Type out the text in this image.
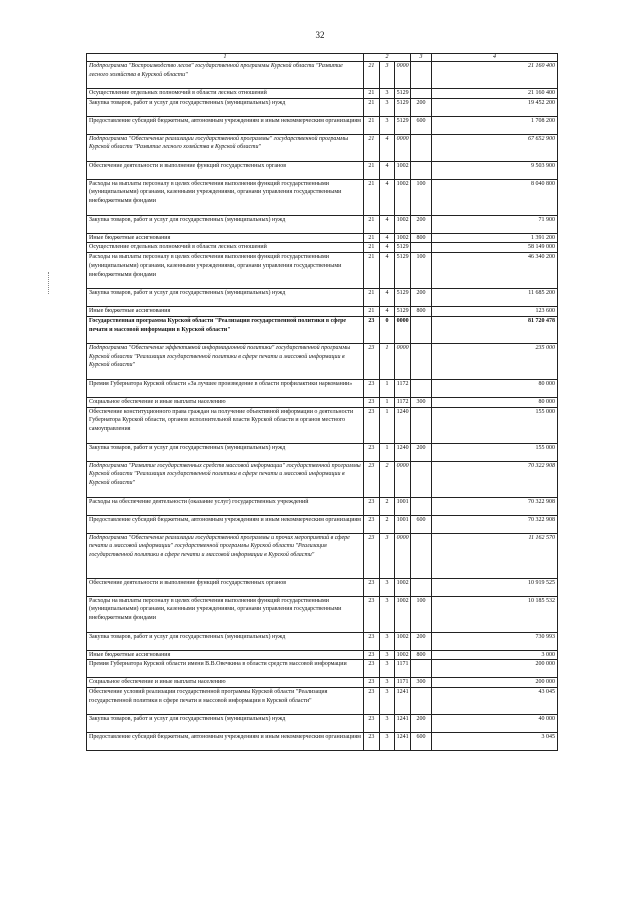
32
1	2			3	4
Подпрограмма "Воспроизводство лесов" государственной программы Курской области "Развитие лесного хозяйства в Курской области"	21	3	0000		21 160 400
Осуществление отдельных полномочий в области лесных отношений	21	3	5129		21 160 400
Закупка товаров, работ и услуг для государственных (муниципальных) нужд	21	3	5129	200	19 452 200
Предоставление субсидий бюджетным, автономным учреждениям и иным некоммерческим организациям	21	3	5129	600	1 708 200
Подпрограмма "Обеспечение реализации государственной программы" государственной программы Курской области "Развитие лесного хозяйства в Курской области"	21	4	0000		67 652 900
Обеспечение деятельности и выполнение функций государственных органов	21	4	1002		9 503 900
Расходы на выплаты персоналу в целях обеспечения выполнения функций государственными (муниципальными) органами, казенными учреждениями, органами управления государственными внебюджетными фондами	21	4	1002	100	8 040 800
Закупка товаров, работ и услуг для государственных (муниципальных) нужд	21	4	1002	200	71 900
Иные бюджетные ассигнования	21	4	1002	800	1 391 200
Осуществление отдельных полномочий в области лесных отношений	21	4	5129		58 149 000
Расходы на выплаты персоналу в целях обеспечения выполнения функций государственными (муниципальными) органами, казенными учреждениями, органами управления государственными внебюджетными фондами	21	4	5129	100	46 340 200
Закупка товаров, работ и услуг для государственных (муниципальных) нужд	21	4	5129	200	11 685 200
Иные бюджетные ассигнования	21	4	5129	800	123 600
Государственная программа Курской области "Реализация государственной политики в сфере печати и массовой информации в Курской области"	23	0	0000		81 720 478
Подпрограмма "Обеспечение эффективной информационной политики" государственной программы Курской области "Реализация государственной политики в сфере печати и массовой информации в Курской области"	23	1	0000		235 000
Премия Губернатора Курской области «За лучшее произведение в области профилактики наркомании»	23	1	1172		80 000
Социальное обеспечение и иные выплаты населению	23	1	1172	300	80 000
Обеспечение конституционного права граждан на получение объективной информации о деятельности Губернатора Курской области, органов исполнительной власти Курской области и органов местного самоуправления	23	1	1240		155 000
Закупка товаров, работ и услуг для государственных (муниципальных) нужд	23	1	1240	200	155 000
Подпрограмма "Развитие государственных средств массовой информации" государственной программы Курской области "Реализация государственной политики в сфере печати и массовой информации в Курской области"	23	2	0000		70 322 908
Расходы на обеспечение деятельности (оказание услуг) государственных учреждений	23	2	1001		70 322 908
Предоставление субсидий бюджетным, автономным учреждениям и иным некоммерческим организациям	23	2	1001	600	70 322 908
Подпрограмма "Обеспечение реализации государственной программы и прочих мероприятий в сфере печати и массовой информации" государственной программы Курской области "Реализация государственной политики в сфере печати и массовой информации в Курской области"	23	3	0000		11 162 570
Обеспечение деятельности и выполнение функций государственных органов	23	3	1002		10 919 525
Расходы на выплаты персоналу в целях обеспечения выполнения функций государственными (муниципальными) органами, казенными учреждениями, органами управления государственными внебюджетными фондами	23	3	1002	100	10 185 532
Закупка товаров, работ и услуг для государственных (муниципальных) нужд	23	3	1002	200	730 993
Иные бюджетные ассигнования	23	3	1002	800	3 000
Премия Губернатора Курской области имени В.В.Овечкина в области средств массовой информации	23	3	1171		200 000
Социальное обеспечение и иные выплаты населению	23	3	1171	300	200 000
Обеспечение условий реализации государственной программы Курской области "Реализация государственной политики в сфере печати и массовой информации в Курской области"	23	3	1241		43 045
Закупка товаров, работ и услуг для государственных (муниципальных) нужд	23	3	1241	200	40 000
Предоставление субсидий бюджетным, автономным учреждениям и иным некоммерческим организациям	23	3	1241	600	3 045
